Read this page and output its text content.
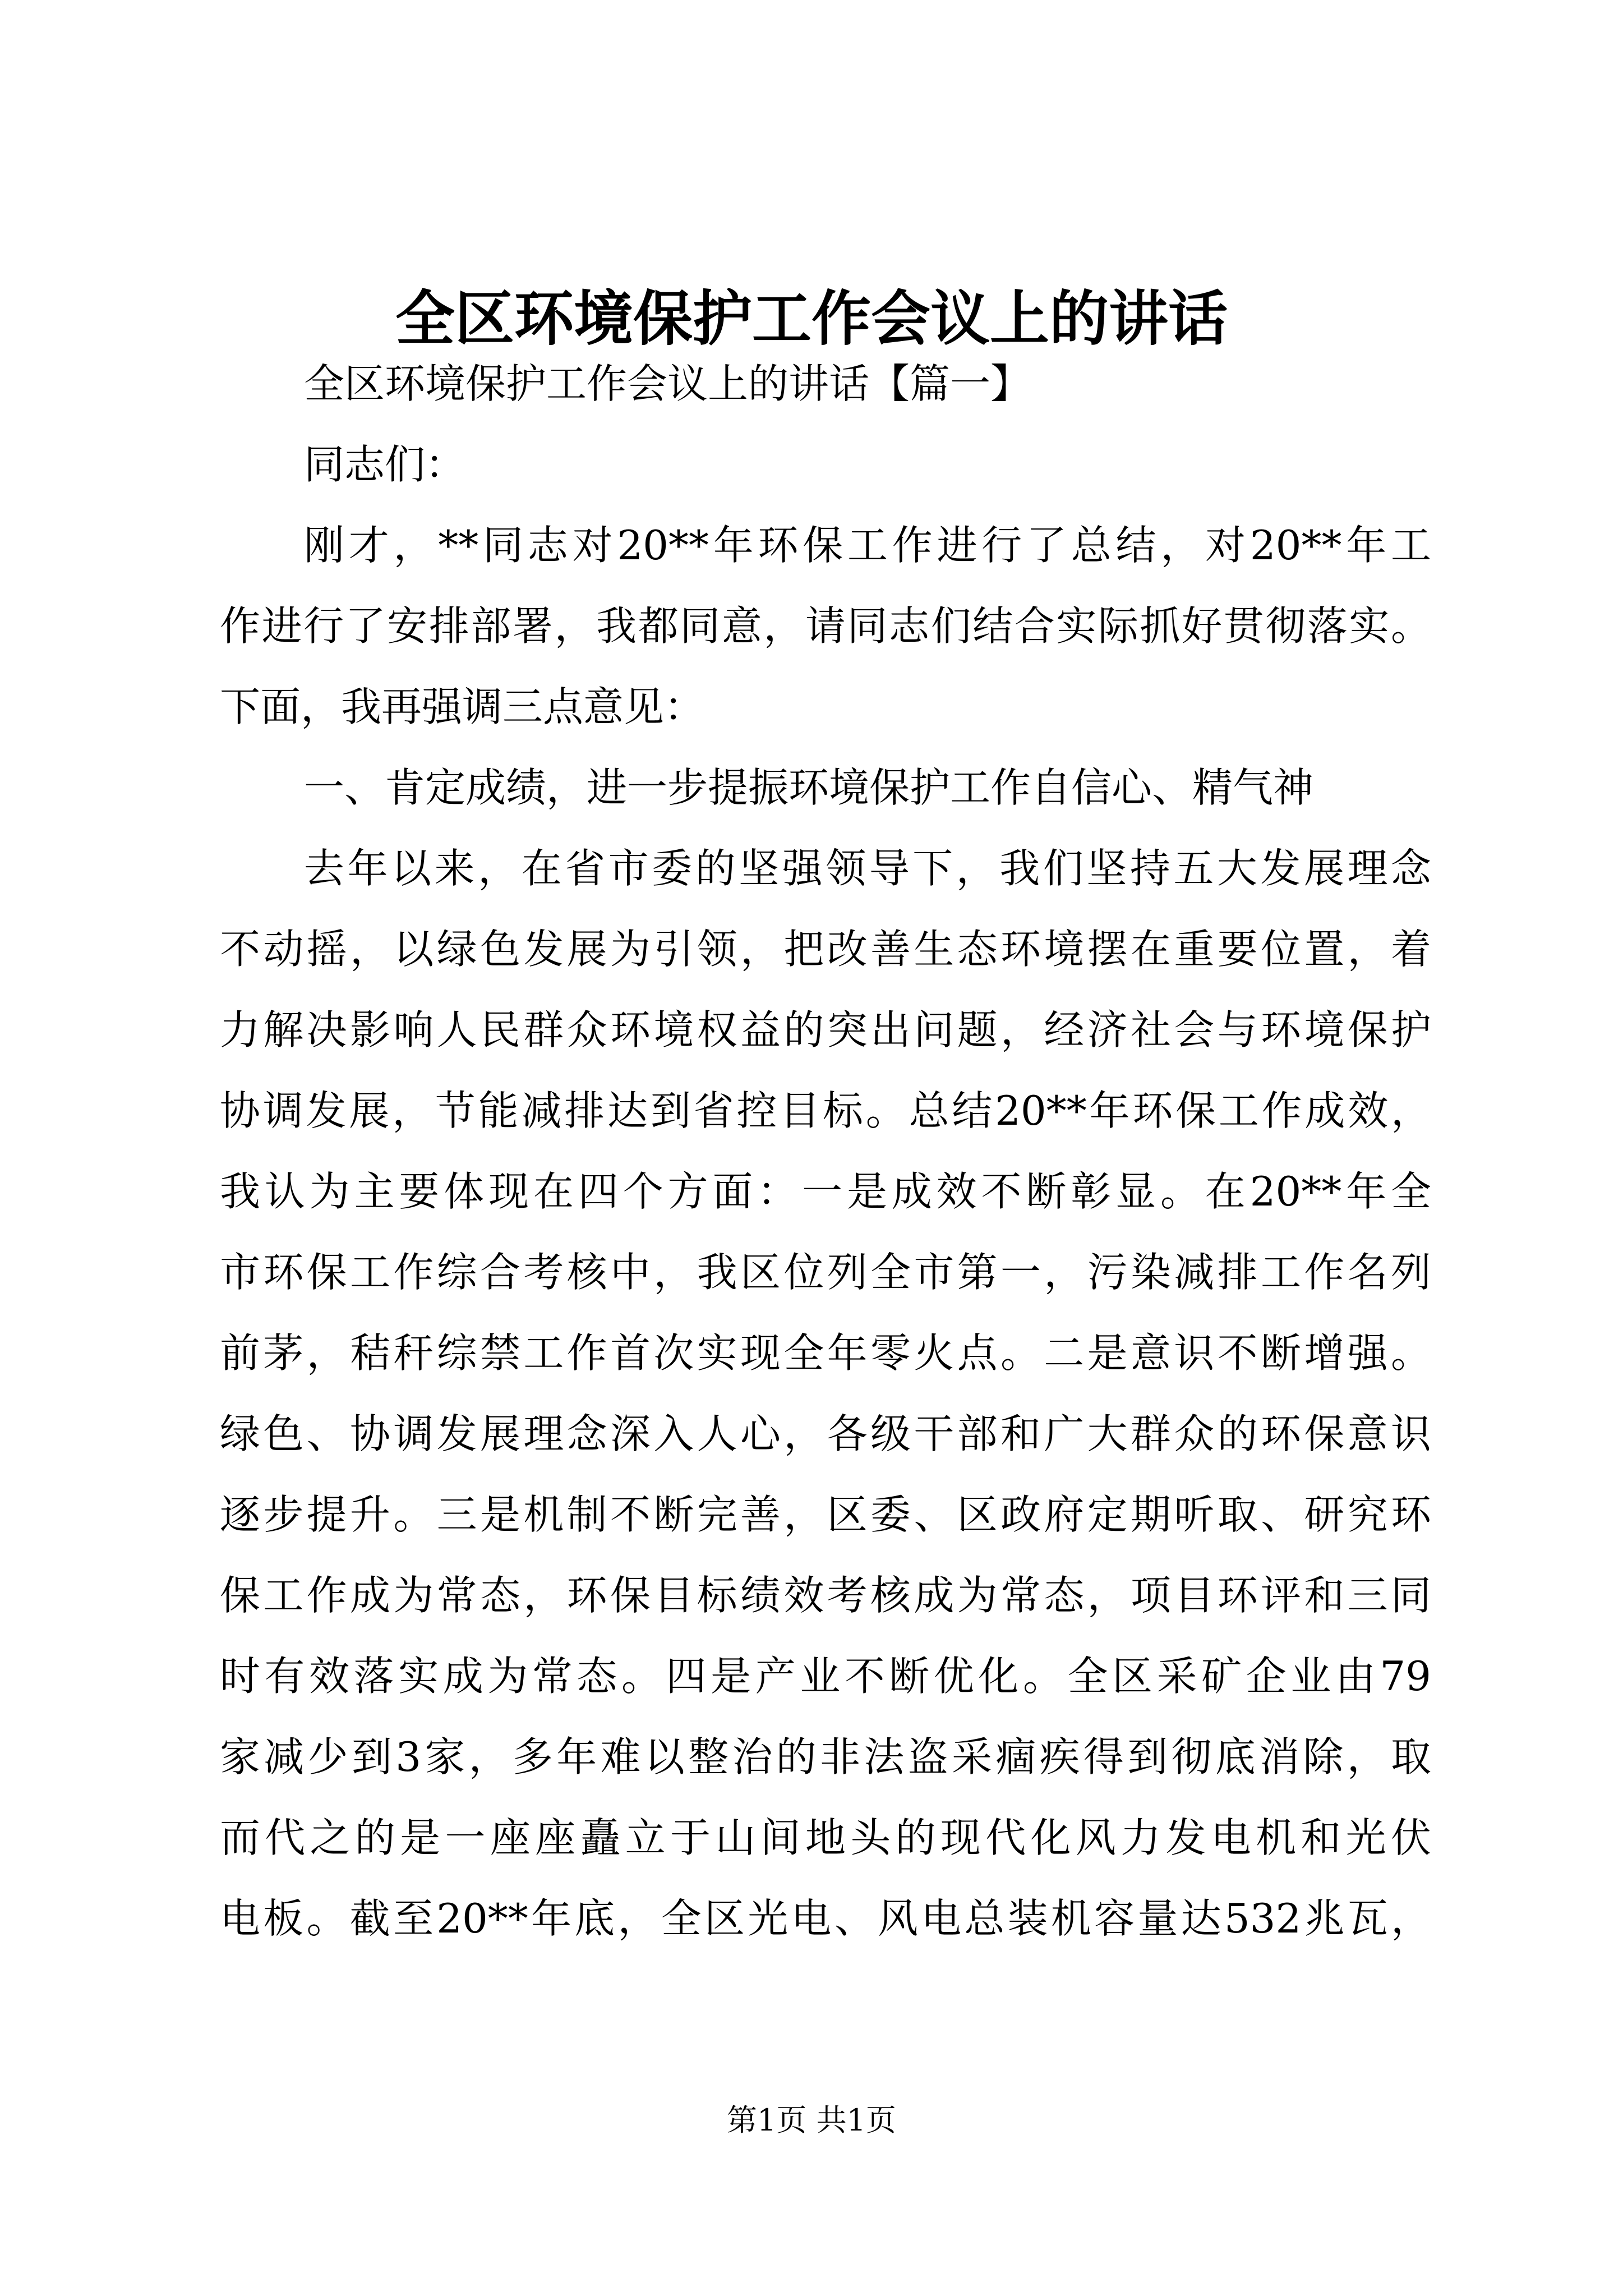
全区环境保护工作会议上的讲话
全区环境保护工作会议上的讲话【篇一】
同志们：
刚才，**同志对20**年环保工作进行了总结，对20**年工
作进行了安排部署，我都同意，请同志们结合实际抓好贯彻落实。
下面，我再强调三点意见：
一、肯定成绩，进一步提振环境保护工作自信心、精气神
去年以来，在省市委的坚强领导下，我们坚持五大发展理念
不动摇，以绿色发展为引领，把改善生态环境摆在重要位置，着
力解决影响人民群众环境权益的突出问题，经济社会与环境保护
协调发展，节能减排达到省控目标。总结20**年环保工作成效，
我认为主要体现在四个方面：一是成效不断彰显。在20**年全
市环保工作综合考核中，我区位列全市第一，污染减排工作名列
前茅，秸秆综禁工作首次实现全年零火点。二是意识不断增强。
绿色、协调发展理念深入人心，各级干部和广大群众的环保意识
逐步提升。三是机制不断完善，区委、区政府定期听取、研究环
保工作成为常态，环保目标绩效考核成为常态，项目环评和三同
时有效落实成为常态。四是产业不断优化。全区采矿企业由79
家减少到3家，多年难以整治的非法盗采痼疾得到彻底消除，取
而代之的是一座座矗立于山间地头的现代化风力发电机和光伏
电板。截至20**年底，全区光电、风电总装机容量达532兆瓦，
第1页 共1页
